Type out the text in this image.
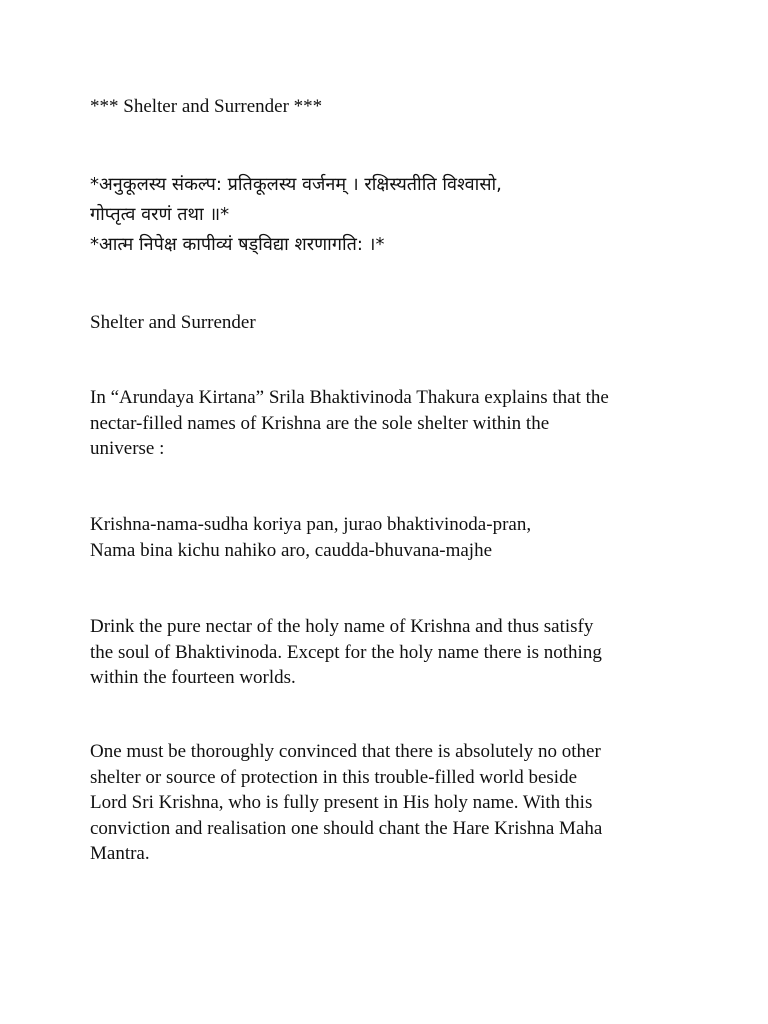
*** Shelter and Surrender ***
*अनुकूलस्य संकल्प: प्रतिकूलस्य वर्जनम् । रक्षिस्यतीति विश्वासो,
गोप्तृत्व वरणं तथा ॥*
*आत्म निपेक्ष कापीव्यं षड्विद्या शरणागति: ।*
Shelter and Surrender
In “Arundaya Kirtana” Srila Bhaktivinoda Thakura explains that the
nectar-filled names of Krishna are the sole shelter within the
universe :
Krishna-nama-sudha koriya pan, jurao bhaktivinoda-pran,
Nama bina kichu nahiko aro, caudda-bhuvana-majhe
Drink the pure nectar of the holy name of Krishna and thus satisfy
the soul of Bhaktivinoda. Except for the holy name there is nothing
within the fourteen worlds.
One must be thoroughly convinced that there is absolutely no other
shelter or source of protection in this trouble-filled world beside
Lord Sri Krishna, who is fully present in His holy name. With this
conviction and realisation one should chant the Hare Krishna Maha
Mantra.
